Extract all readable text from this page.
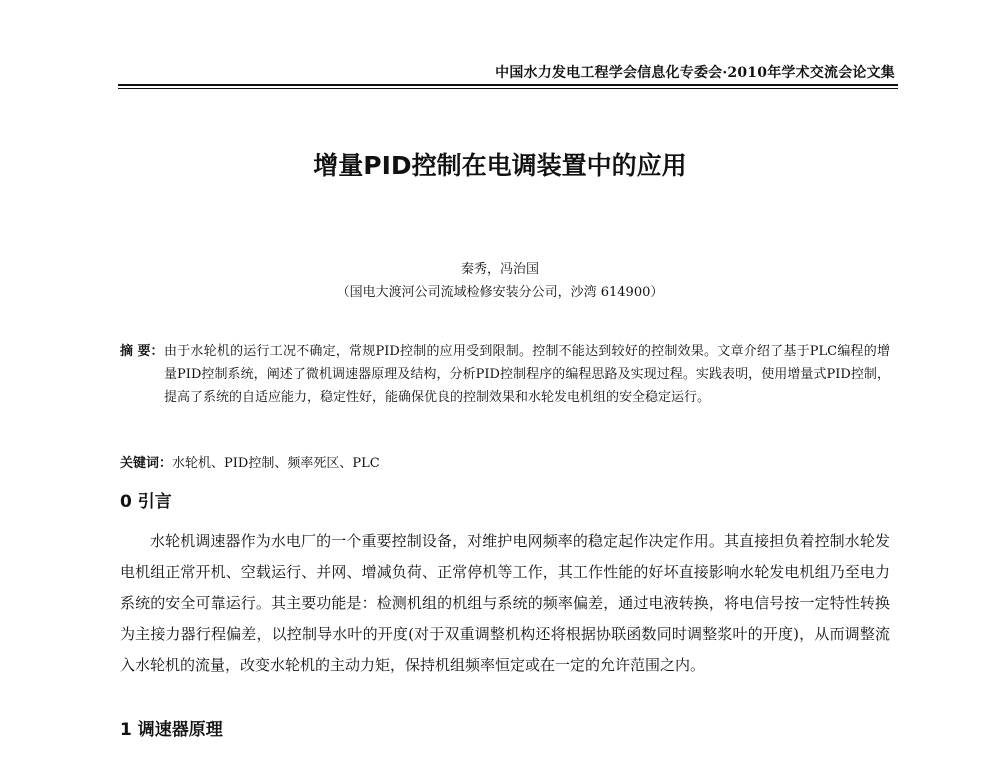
中国水力发电工程学会信息化专委会·2010年学术交流会论文集
增量PID控制在电调装置中的应用
秦秀，冯治国
（国电大渡河公司流域检修安装分公司，沙湾 614900）
摘 要： 由于水轮机的运行工况不确定，常规PID控制的应用受到限制。控制不能达到较好的控制效果。文章介绍了基于PLC编程的增量PID控制系统，阐述了微机调速器原理及结构，分析PID控制程序的编程思路及实现过程。实践表明，使用增量式PID控制，提高了系统的自适应能力，稳定性好，能确保优良的控制效果和水轮发电机组的安全稳定运行。
关键词：水轮机、PID控制、频率死区、PLC
0 引言
水轮机调速器作为水电厂的一个重要控制设备，对维护电网频率的稳定起作决定作用。其直接担负着控制水轮发电机组正常开机、空载运行、并网、增减负荷、正常停机等工作，其工作性能的好坏直接影响水轮发电机组乃至电力系统的安全可靠运行。其主要功能是：检测机组的机组与系统的频率偏差，通过电液转换，将电信号按一定特性转换为主接力器行程偏差，以控制导水叶的开度(对于双重调整机构还将根据协联函数同时调整浆叶的开度)，从而调整流入水轮机的流量，改变水轮机的主动力矩，保持机组频率恒定或在一定的允许范围之内。
1 调速器原理
